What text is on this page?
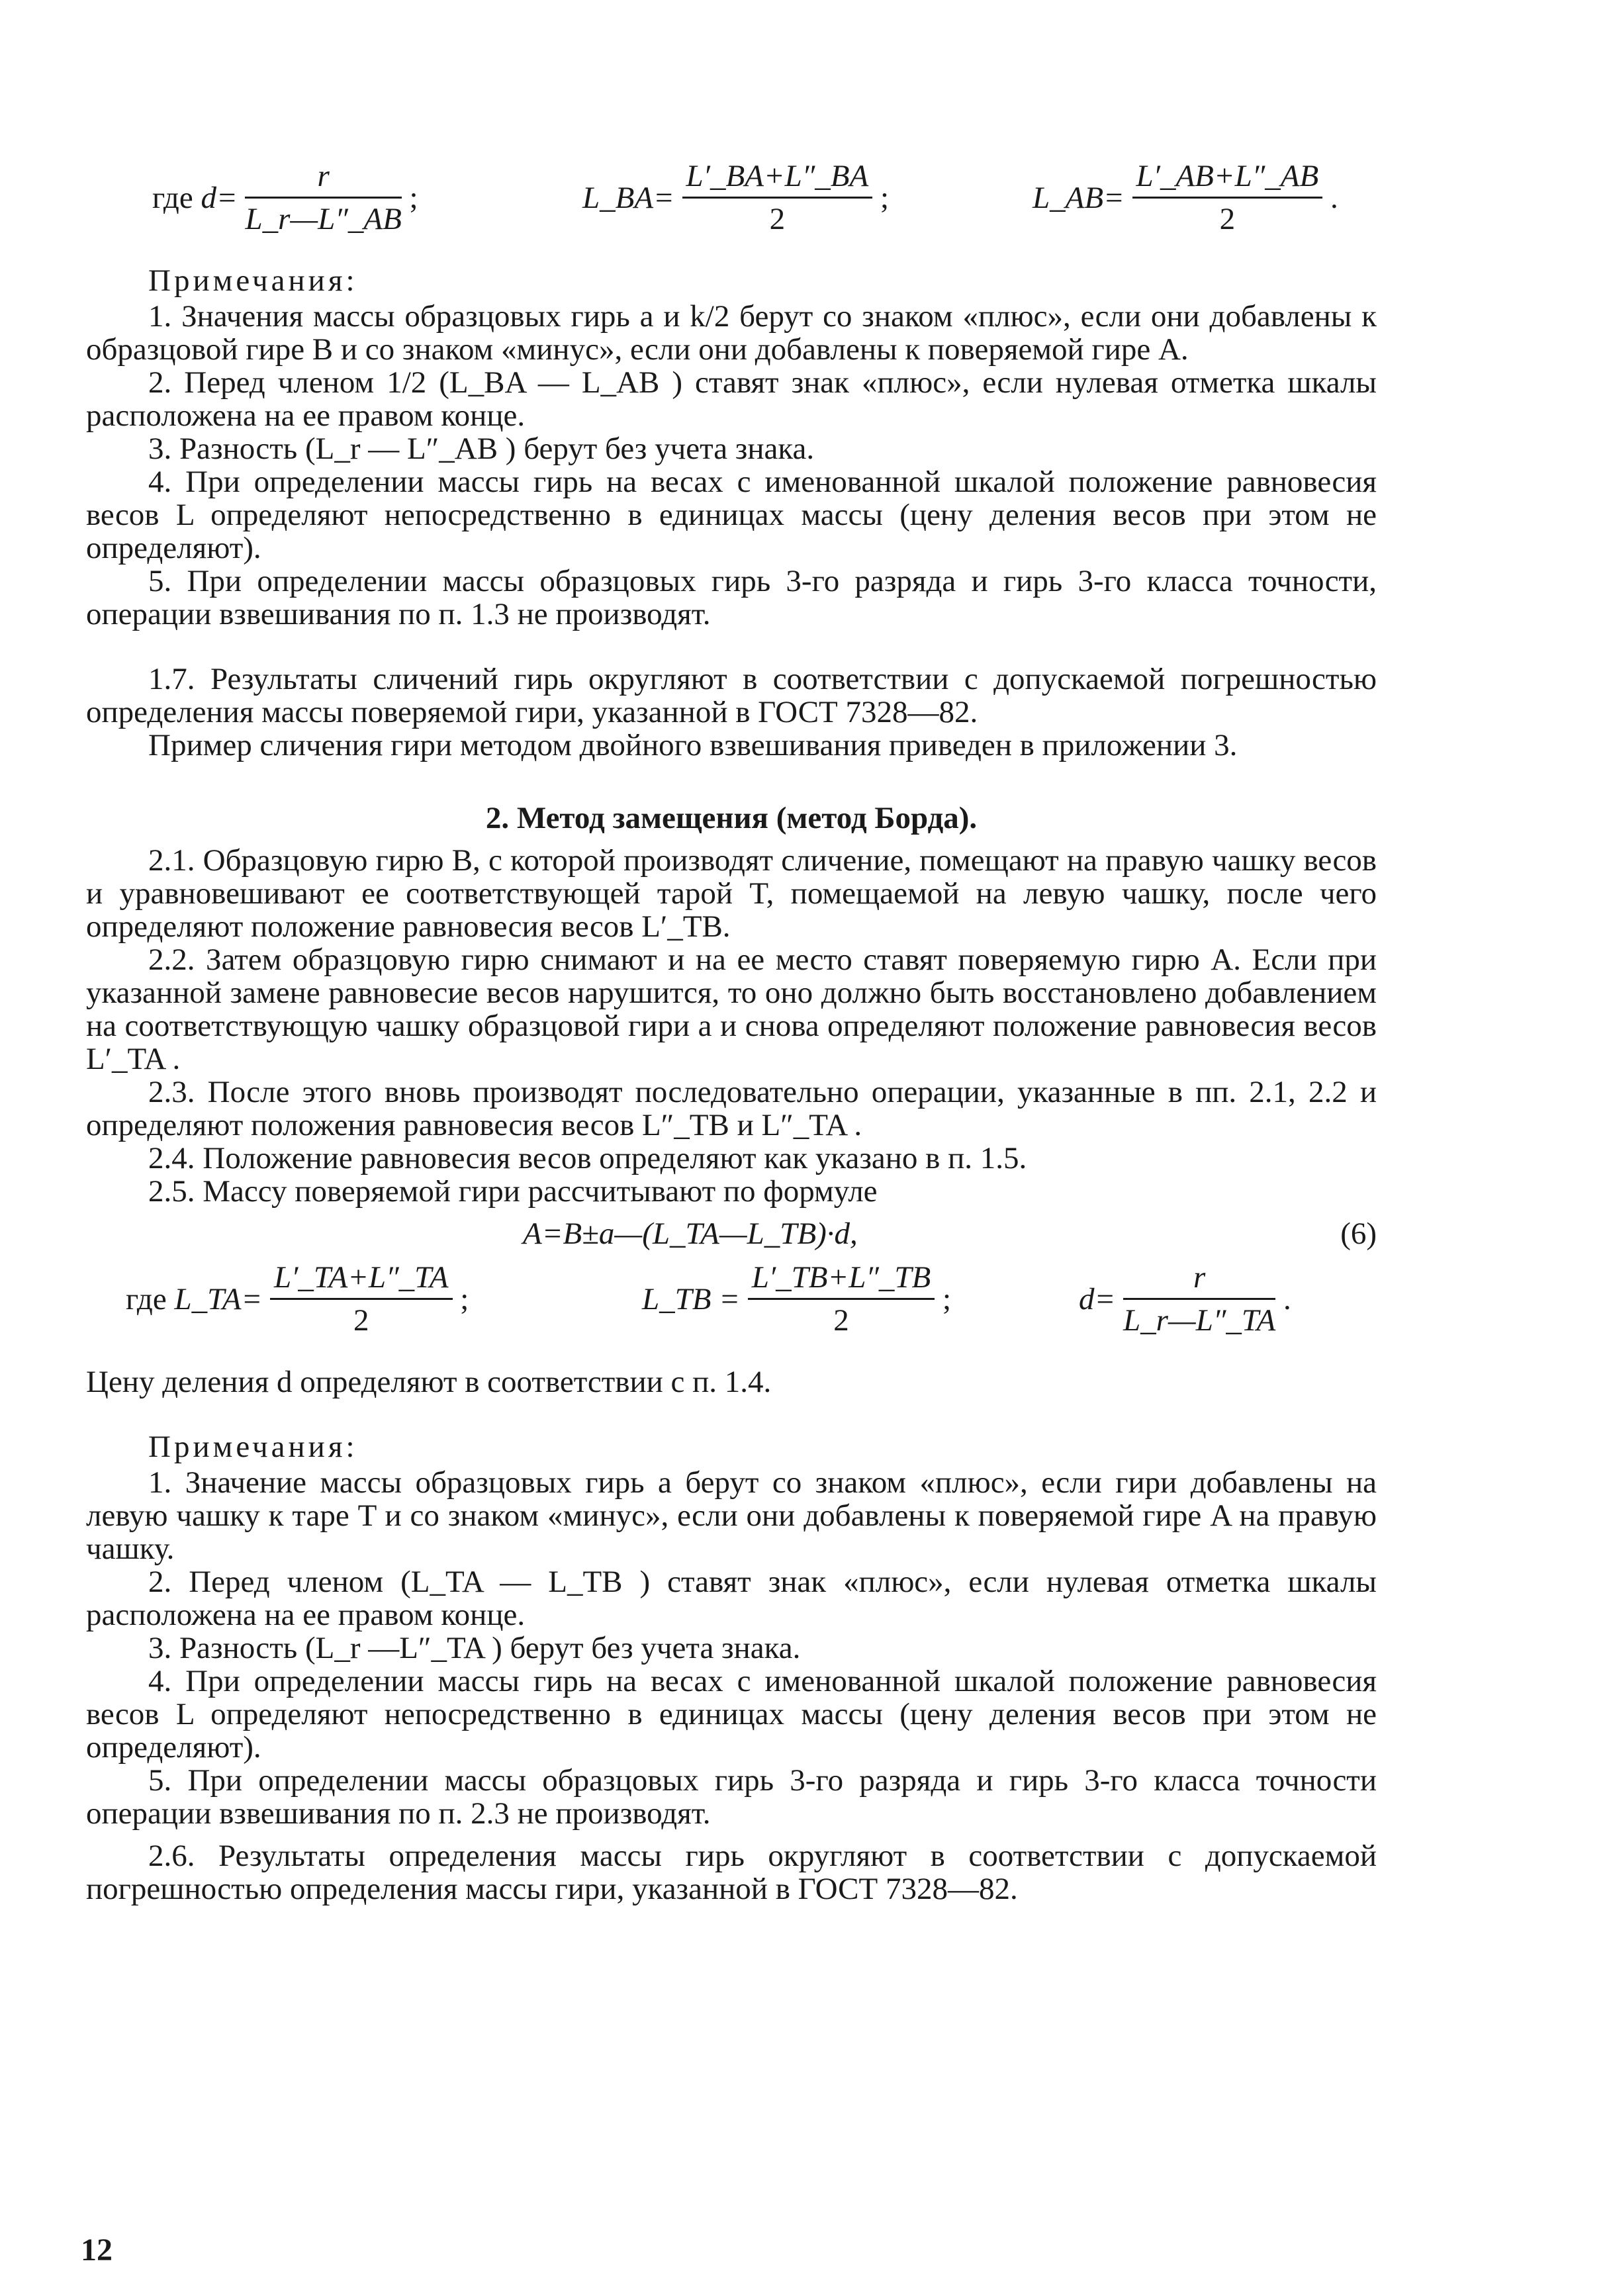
где $d= \frac{r}{L\_r—L''\_AB}$ ;	L_BA= $\frac{L'\_BA+L''\_BA}{2}$ ;	L_AB= $\frac{L'\_AB+L''\_AB}{2}$ .

Примечания:

1. Значения массы образцовых гирь a и k/2 берут со знаком «плюс», если они добавлены к образцовой гире B и со знаком «минус», если они добавлены к поверяемой гире A.

2. Перед членом 1/2 (L_BA — L_AB ) ставят знак «плюс», если нулевая отметка шкалы расположена на ее правом конце.

3. Разность (L_r — L″_AB ) берут без учета знака.

4. При определении массы гирь на весах с именованной шкалой положение равновесия весов L определяют непосредственно в единицах массы (цену деления весов при этом не определяют).

5. При определении массы образцовых гирь 3-го разряда и гирь 3-го класса точности, операции взвешивания по п. 1.3 не производят.

1.7. Результаты сличений гирь округляют в соответствии с допускаемой погрешностью определения массы поверяемой гири, указанной в ГОСТ 7328—82.

Пример сличения гири методом двойного взвешивания приведен в приложении 3.

2. Метод замещения (метод Борда).

2.1. Образцовую гирю B, с которой производят сличение, помещают на правую чашку весов и уравновешивают ее соответствующей тарой T, помещаемой на левую чашку, после чего определяют положение равновесия весов L′_TB.

2.2. Затем образцовую гирю снимают и на ее место ставят поверяемую гирю A. Если при указанной замене равновесие весов нарушится, то оно должно быть восстановлено добавлением на соответствующую чашку образцовой гири a и снова определяют положение равновесия весов L′_TA .

2.3. После этого вновь производят последовательно операции, указанные в пп. 2.1, 2.2 и определяют положения равновесия весов L″_TB и L″_TA .

2.4. Положение равновесия весов определяют как указано в п. 1.5.

2.5. Массу поверяемой гири рассчитывают по формуле

A=B±a—(L_TA—L_TB)·d,	(6)
где L_TA= $\frac{L'\_TA+L''\_TA}{2}$ ;	L_TB = $\frac{L'\_TB+L''\_TB}{2}$ ;	$d= \frac{r}{L\_r—L''\_TA}$ .

Цену деления d определяют в соответствии с п. 1.4.

Примечания:

1. Значение массы образцовых гирь a берут со знаком «плюс», если гири добавлены на левую чашку к таре T и со знаком «минус», если они добавлены к поверяемой гире A на правую чашку.

2. Перед членом (L_TA — L_TB ) ставят знак «плюс», если нулевая отметка шкалы расположена на ее правом конце.

3. Разность (L_r —L″_TA ) берут без учета знака.

4. При определении массы гирь на весах с именованной шкалой положение равновесия весов L определяют непосредственно в единицах массы (цену деления весов при этом не определяют).

5. При определении массы образцовых гирь 3-го разряда и гирь 3-го класса точности операции взвешивания по п. 2.3 не производят.

2.6. Результаты определения массы гирь округляют в соответствии с допускаемой погрешностью определения массы гири, указанной в ГОСТ 7328—82.

12
